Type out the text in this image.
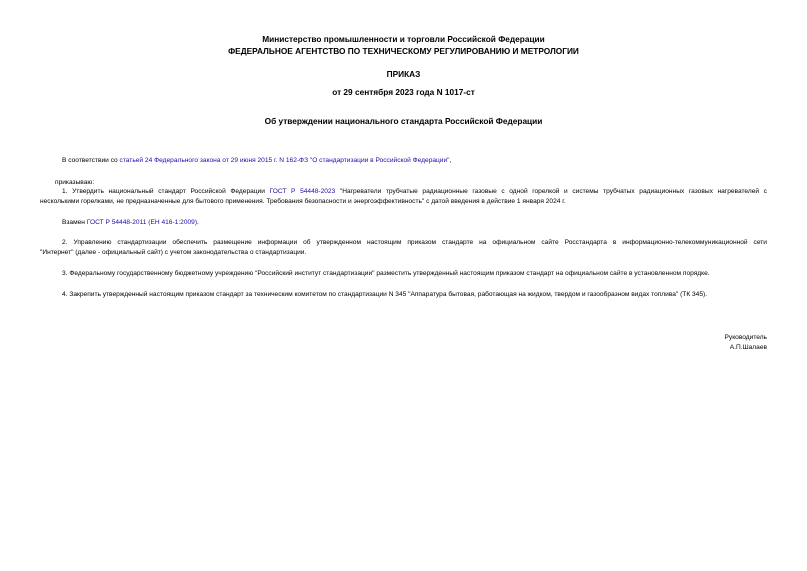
Министерство промышленности и торговли Российской Федерации
ФЕДЕРАЛЬНОЕ АГЕНТСТВО ПО ТЕХНИЧЕСКОМУ РЕГУЛИРОВАНИЮ И МЕТРОЛОГИИ
ПРИКАЗ
от 29 сентября 2023 года N 1017-ст
Об утверждении национального стандарта Российской Федерации
В соответствии со статьей 24 Федерального закона от 29 июня 2015 г. N 162-ФЗ "О стандартизации в Российской Федерации",
приказываю:
1. Утвердить национальный стандарт Российской Федерации ГОСТ Р 54448-2023 "Нагреватели трубчатые радиационные газовые с одной горелкой и системы трубчатых радиационных газовых нагревателей с
несколькими горелками, не предназначенные для бытового применения. Требования безопасности и энергоэффективность" с датой введения в действие 1 января 2024 г.
Взамен ГОСТ Р 54448-2011 (ЕН 416-1:2009).
2. Управлению стандартизации обеспечить размещение информации об утвержденном настоящим приказом стандарте на официальном сайте Росстандарта в информационно-телекоммуникационной сети
"Интернет" (далее - официальный сайт) с учетом законодательства о стандартизации.
3. Федеральному государственному бюджетному учреждению "Российский институт стандартизации" разместить утвержденный настоящим приказом стандарт на официальном сайте в установленном порядке.
4. Закрепить утвержденный настоящим приказом стандарт за техническим комитетом по стандартизации N 345 "Аппаратура бытовая, работающая на жидком, твердом и газообразном видах топлива" (ТК 345).
Руководитель
А.П.Шалаев
